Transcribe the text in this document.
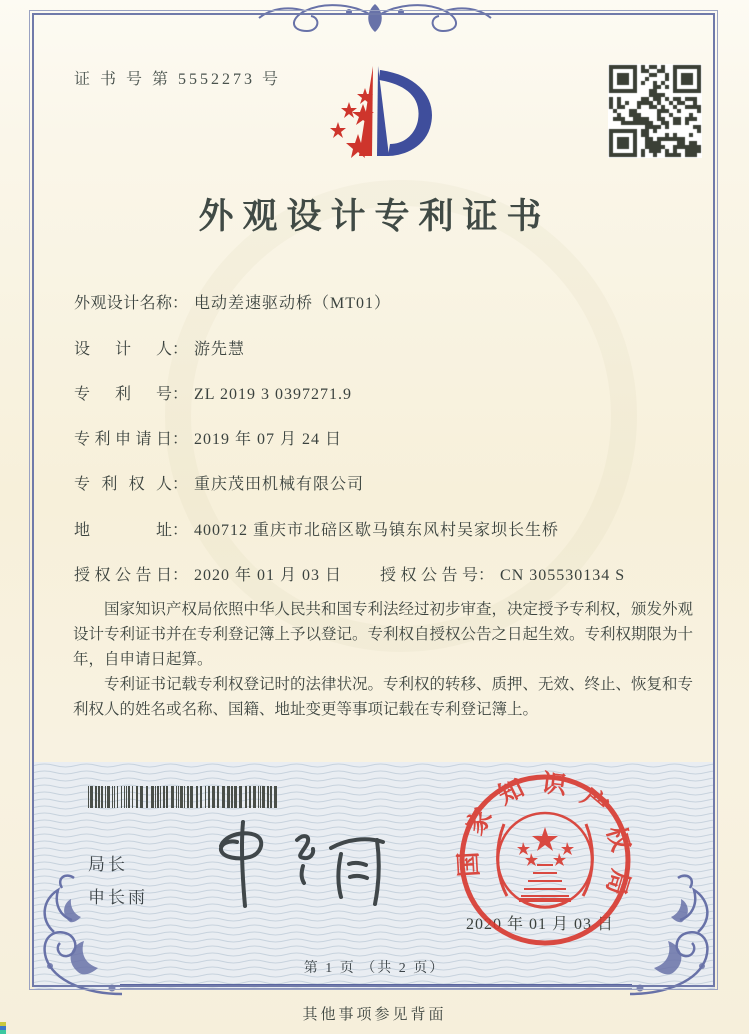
证 书 号 第 5552273 号
外观设计专利证书
外 观 设 计 名 称 ： 电动差速驱动桥（MT01）
设 计 人 ： 游先慧
专 利 号 ： ZL 2019 3 0397271.9
专 利 申 请 日 ： 2019 年 07 月 24 日
专 利 权 人 ： 重庆茂田机械有限公司
地	址 ： 400712 重庆市北碚区歇马镇东风村吴家坝长生桥
授 权 公 告 日 ： 2020 年 01 月 03 日 授 权 公 告 号 ： CN 305530134 S
国家知识产权局依照中华人民共和国专利法经过初步审查，决定授予专利权，颁发外观设计专利证书并在专利登记簿上予以登记。专利权自授权公告之日起生效。专利权期限为十年，自申请日起算。
专利证书记载专利权登记时的法律状况。专利权的转移、质押、无效、终止、恢复和专利权人的姓名或名称、国籍、地址变更等事项记载在专利登记簿上。
局长
申长雨
2020 年 01 月 03 日
国家知识产权局
第 1 页 （共 2 页）
其他事项参见背面
